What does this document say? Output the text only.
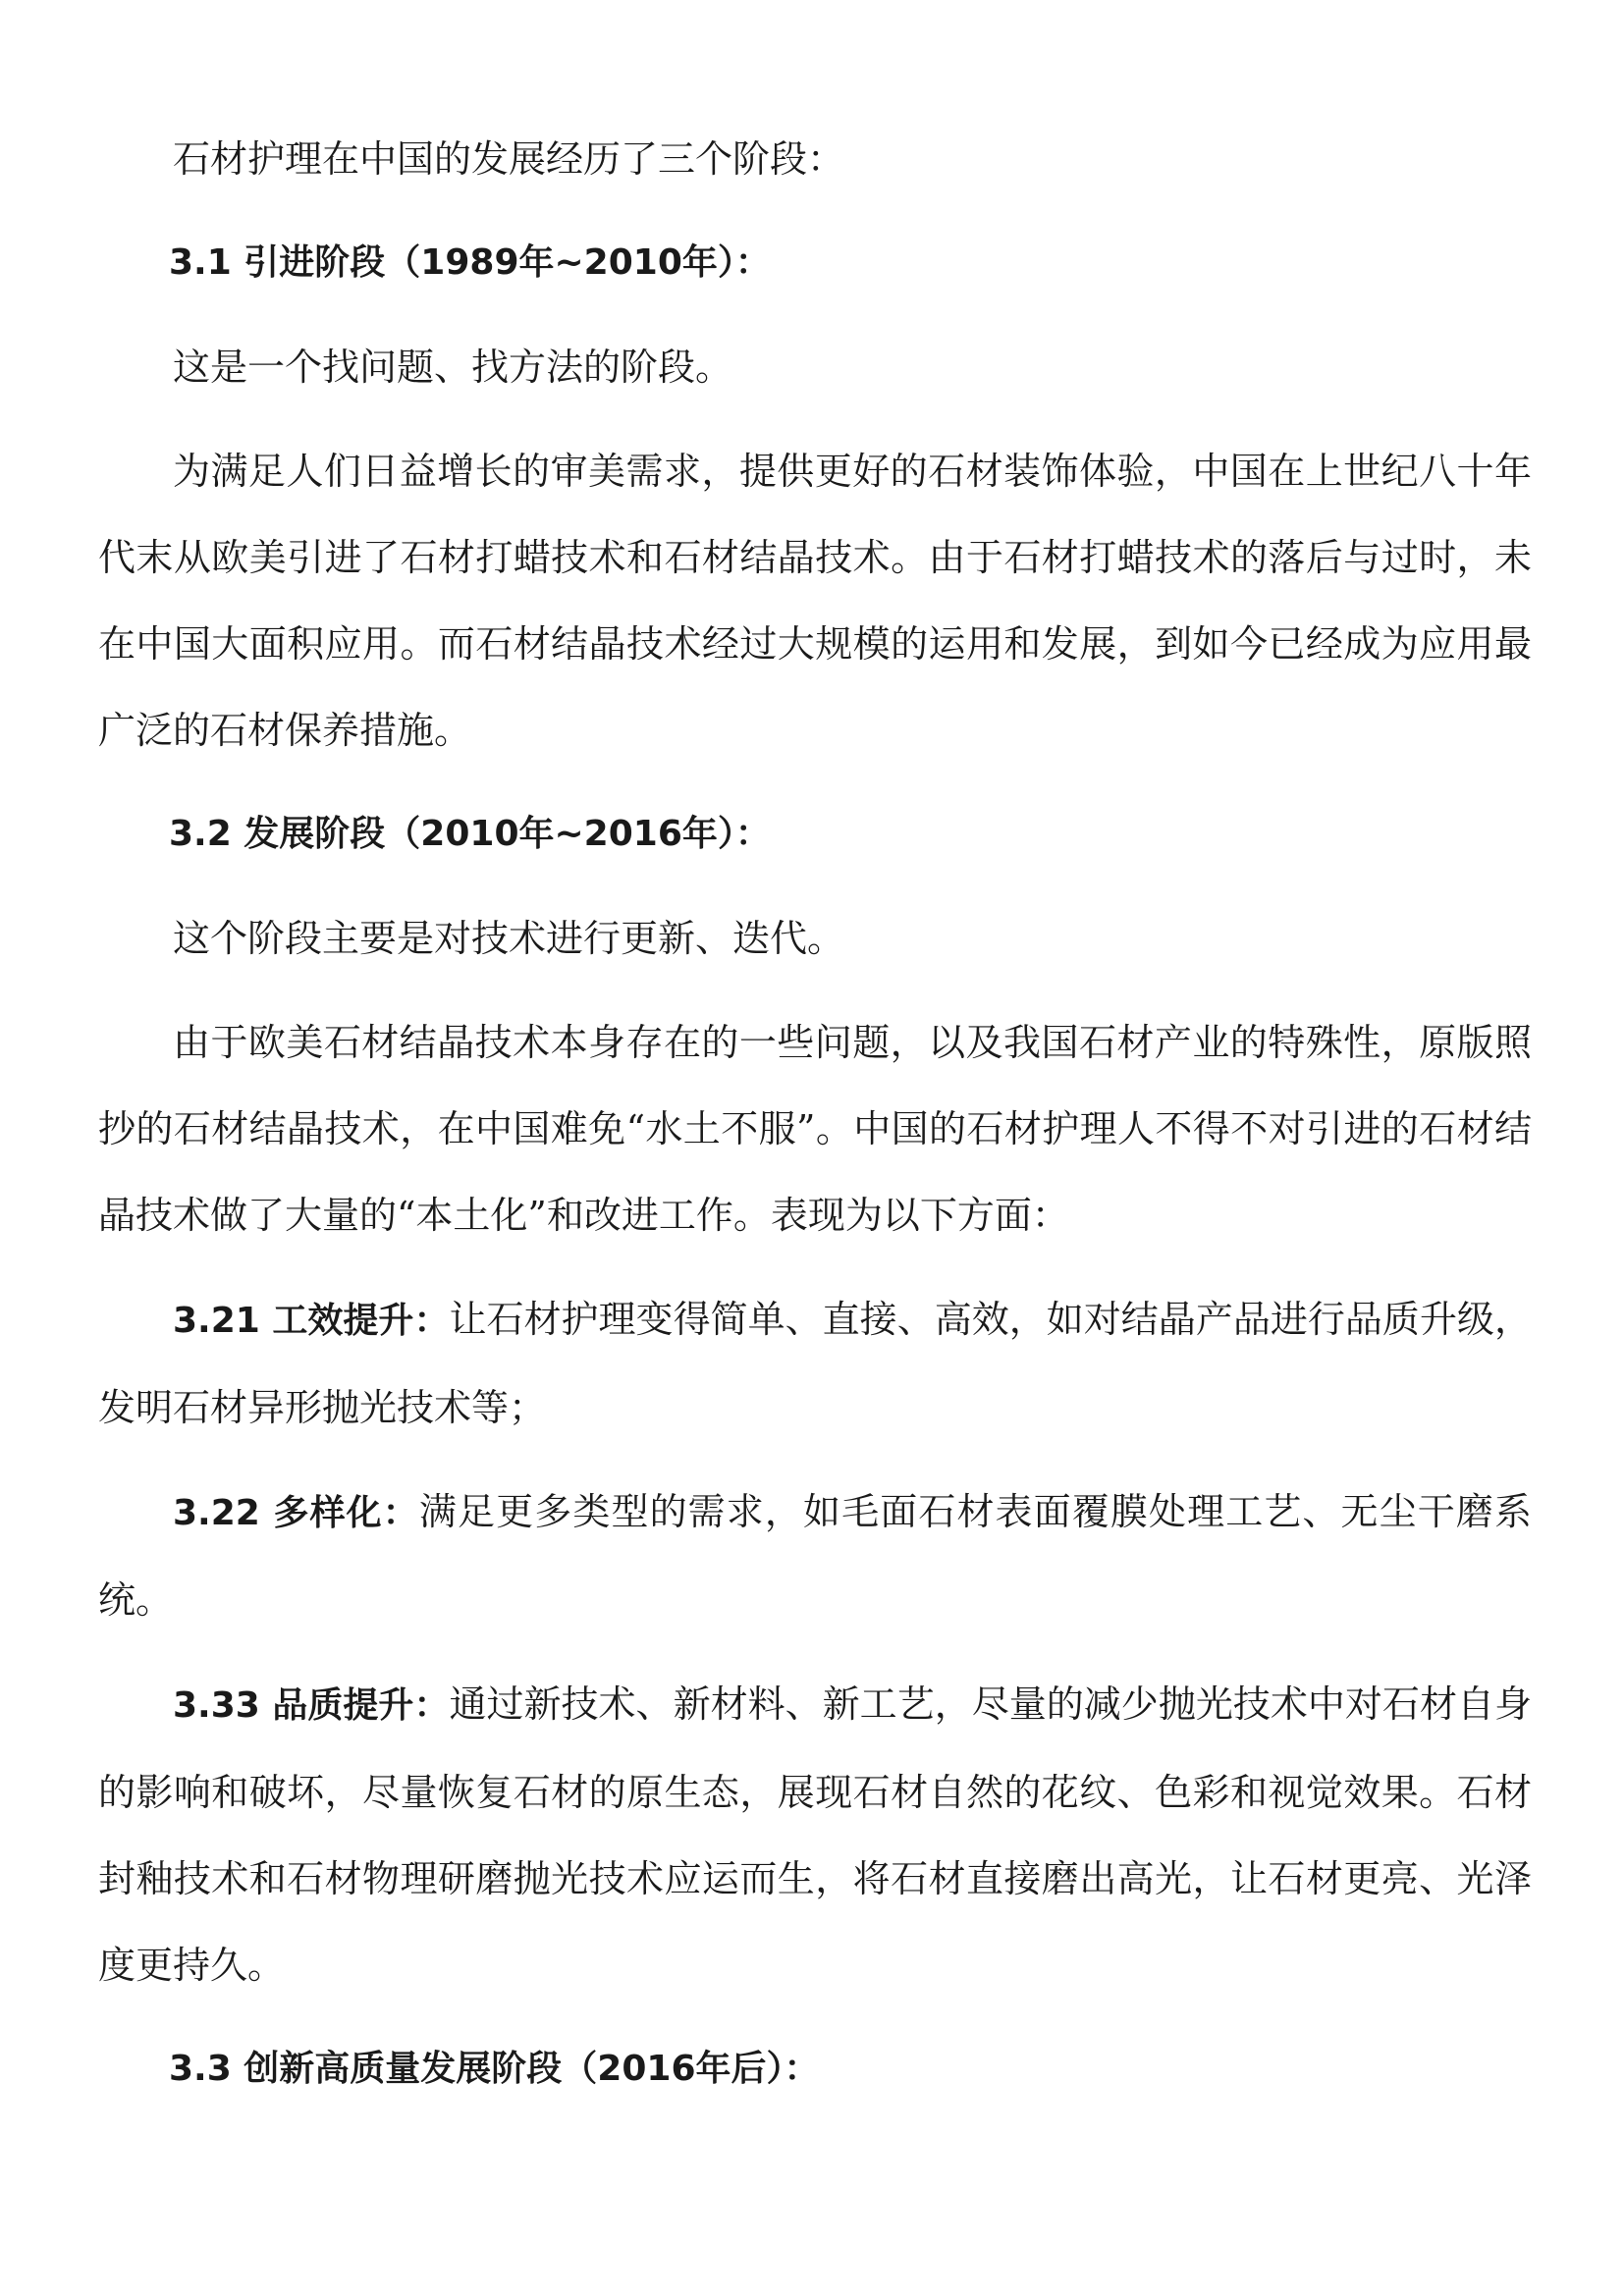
石材护理在中国的发展经历了三个阶段：

3.1 引进阶段（1989年~2010年）：

这是一个找问题、找方法的阶段。

为满足人们日益增长的审美需求，提供更好的石材装饰体验，中国在上世纪八十年代末从欧美引进了石材打蜡技术和石材结晶技术。由于石材打蜡技术的落后与过时，未在中国大面积应用。而石材结晶技术经过大规模的运用和发展，到如今已经成为应用最广泛的石材保养措施。

3.2 发展阶段（2010年~2016年）：

这个阶段主要是对技术进行更新、迭代。

由于欧美石材结晶技术本身存在的一些问题，以及我国石材产业的特殊性，原版照抄的石材结晶技术，在中国难免“水土不服”。中国的石材护理人不得不对引进的石材结晶技术做了大量的“本土化”和改进工作。表现为以下方面：

3.21 工效提升：让石材护理变得简单、直接、高效，如对结晶产品进行品质升级，发明石材异形抛光技术等；

3.22 多样化：满足更多类型的需求，如毛面石材表面覆膜处理工艺、无尘干磨系统。

3.33 品质提升：通过新技术、新材料、新工艺，尽量的减少抛光技术中对石材自身的影响和破坏，尽量恢复石材的原生态，展现石材自然的花纹、色彩和视觉效果。石材封釉技术和石材物理研磨抛光技术应运而生，将石材直接磨出高光，让石材更亮、光泽度更持久。

3.3 创新高质量发展阶段（2016年后）：
